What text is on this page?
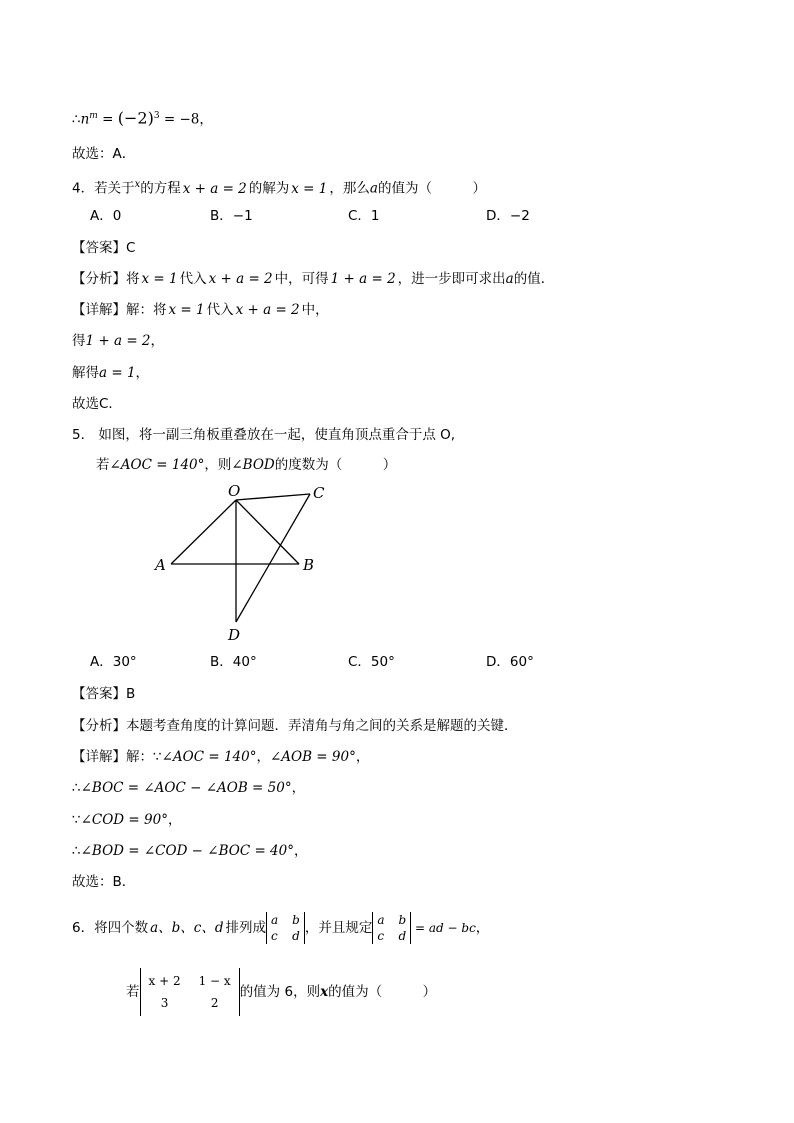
$\therefore n^m = (-2)^3 = -8$，
故选：A．
4．若关于$^x$的方程 x + a = 2 的解为 x = 1 ，那么a的值为（　　　）
A．0	B．−1	C．1	D．−2
【答案】C
【分析】将 x = 1 代入 x + a = 2 中，可得 1 + a = 2 ，进一步即可求出a的值．
【详解】解：将 x = 1 代入 x + a = 2 中，
得1 + a = 2，
解得a = 1，
故选C．
5． 如图，将一副三角板重叠放在一起，使直角顶点重合于点 O,
若∠AOC = 140°，则∠BOD的度数为（　　　）
O	C
A	B
D
A．30°	B．40°	C．50°	D．60°
【答案】B
【分析】本题考查角度的计算问题．弄清角与角之间的关系是解题的关键．
【详解】解：∵∠AOC = 140°，∠AOB = 90°，
∴∠BOC = ∠AOC − ∠AOB = 50°，
∵∠COD = 90°，
∴∠BOD = ∠COD − ∠BOC = 40°，
故选：B．
6．将四个数 a、b、c、d 排列成 a b
c d ，并且规定 a b
c d
= ad − bc，
若
x + 2 1 − x
3	2
的值为 6，则x的值为（　　　）
